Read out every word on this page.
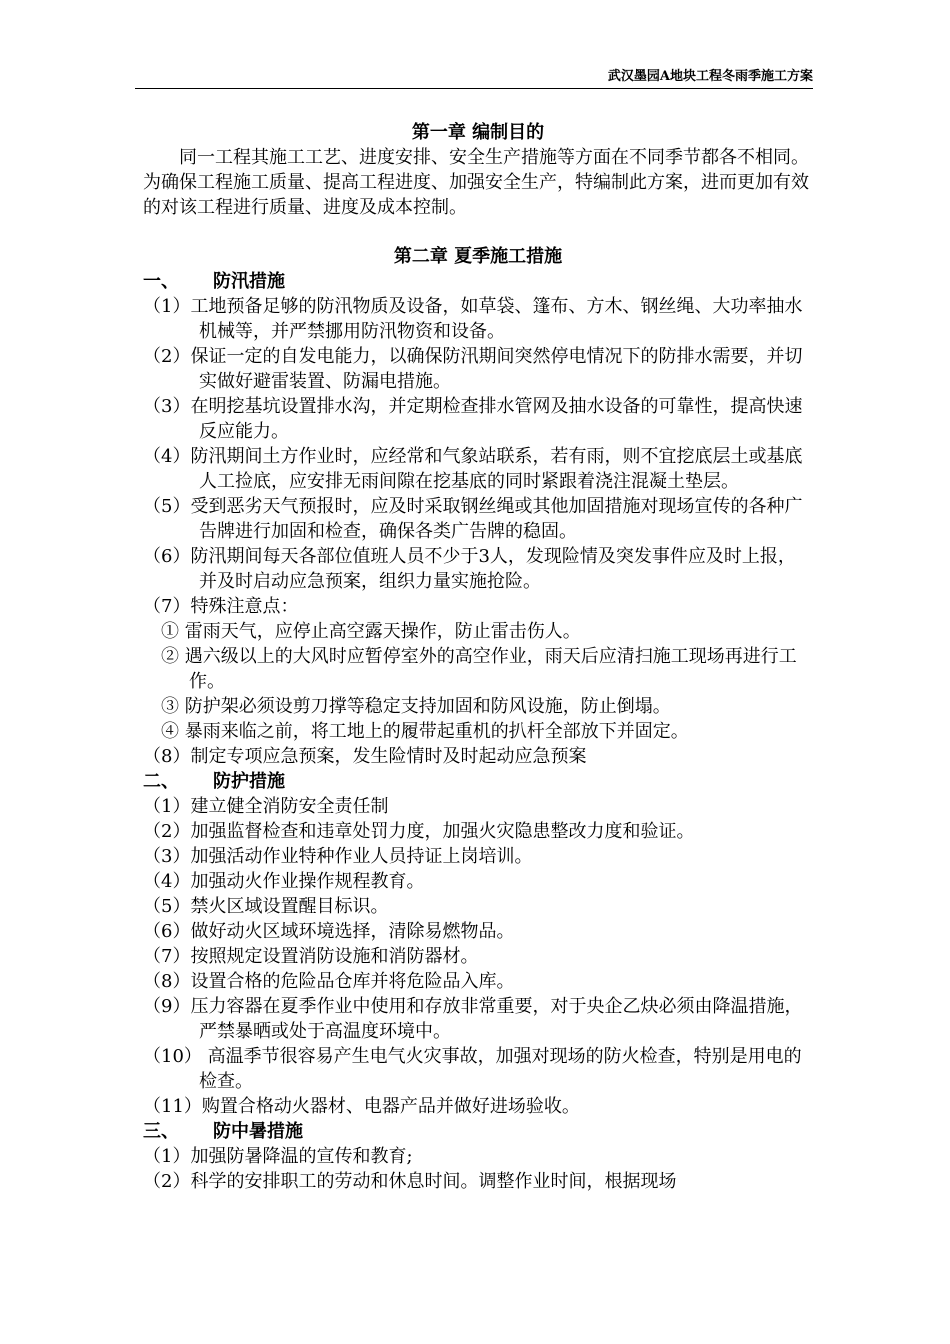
武汉墨园A地块工程冬雨季施工方案

第一章 编制目的

同一工程其施工工艺、进度安排、安全生产措施等方面在不同季节都各不相同。为确保工程施工质量、提高工程进度、加强安全生产，特编制此方案，进而更加有效的对该工程进行质量、进度及成本控制。

第二章 夏季施工措施

一、 防汛措施

（1）工地预备足够的防汛物质及设备，如草袋、篷布、方木、钢丝绳、大功率抽水机械等，并严禁挪用防汛物资和设备。

（2）保证一定的自发电能力，以确保防汛期间突然停电情况下的防排水需要，并切实做好避雷装置、防漏电措施。

（3）在明挖基坑设置排水沟，并定期检查排水管网及抽水设备的可靠性，提高快速反应能力。

（4）防汛期间土方作业时，应经常和气象站联系，若有雨，则不宜挖底层土或基底人工捡底，应安排无雨间隙在挖基底的同时紧跟着浇注混凝土垫层。

（5）受到恶劣天气预报时，应及时采取钢丝绳或其他加固措施对现场宣传的各种广告牌进行加固和检查，确保各类广告牌的稳固。

（6）防汛期间每天各部位值班人员不少于3人，发现险情及突发事件应及时上报，并及时启动应急预案，组织力量实施抢险。

（7）特殊注意点：

① 雷雨天气，应停止高空露天操作，防止雷击伤人。

② 遇六级以上的大风时应暂停室外的高空作业，雨天后应清扫施工现场再进行工作。

③ 防护架必须设剪刀撑等稳定支持加固和防风设施，防止倒塌。

④ 暴雨来临之前，将工地上的履带起重机的扒杆全部放下并固定。

（8）制定专项应急预案，发生险情时及时起动应急预案

二、 防护措施

（1）建立健全消防安全责任制

（2）加强监督检查和违章处罚力度，加强火灾隐患整改力度和验证。

（3）加强活动作业特种作业人员持证上岗培训。

（4）加强动火作业操作规程教育。

（5）禁火区域设置醒目标识。

（6）做好动火区域环境选择，清除易燃物品。

（7）按照规定设置消防设施和消防器材。

（8）设置合格的危险品仓库并将危险品入库。

（9）压力容器在夏季作业中使用和存放非常重要，对于央企乙炔必须由降温措施，严禁暴晒或处于高温度环境中。

（10） 高温季节很容易产生电气火灾事故，加强对现场的防火检查，特别是用电的检查。

（11）购置合格动火器材、电器产品并做好进场验收。

三、 防中暑措施

（1）加强防暑降温的宣传和教育;

（2）科学的安排职工的劳动和休息时间。调整作业时间，根据现场
